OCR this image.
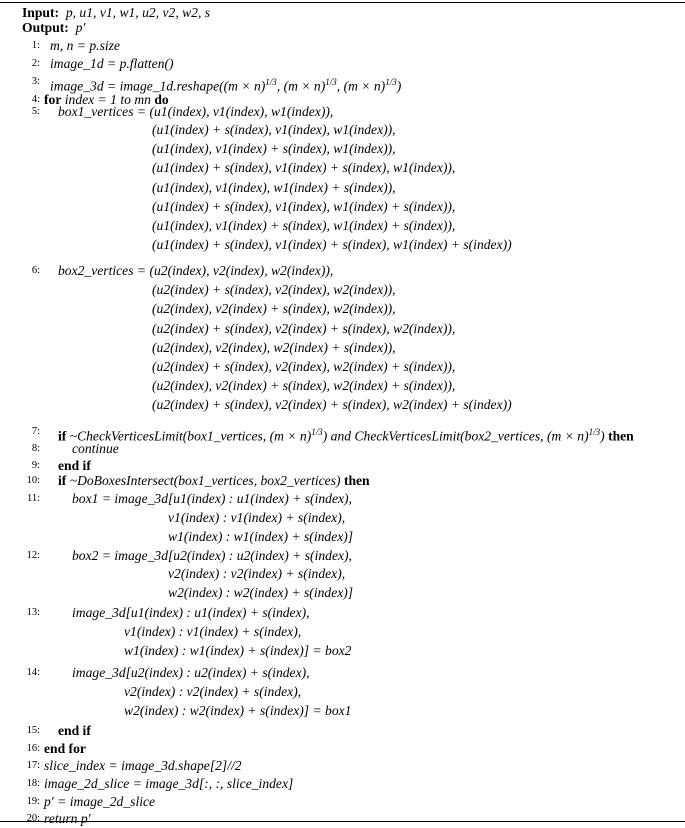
Input:  p, u1, v1, w1, u2, v2, w2, s
Output:  p′
1: m, n = p.size
2: image_1d = p.flatten()
3: image_3d = image_1d.reshape((m × n)$^{1/3}$, $(m \times n)^{1/3}$, $(m \times n)^{1/3}$)
4: for index = 1 to mn do
5: box1_vertices = (u1(index), v1(index), w1(index)),
(u1(index) + s(index), v1(index), w1(index)),
(u1(index), v1(index) + s(index), w1(index)),
(u1(index) + s(index), v1(index) + s(index), w1(index)),
(u1(index), v1(index), w1(index) + s(index)),
(u1(index) + s(index), v1(index), w1(index) + s(index)),
(u1(index), v1(index) + s(index), w1(index) + s(index)),
(u1(index) + s(index), v1(index) + s(index), w1(index) + s(index))
6: box2_vertices = (u2(index), v2(index), w2(index)),
(u2(index) + s(index), v2(index), w2(index)),
(u2(index), v2(index) + s(index), w2(index)),
(u2(index) + s(index), v2(index) + s(index), w2(index)),
(u2(index), v2(index), w2(index) + s(index)),
(u2(index) + s(index), v2(index), w2(index) + s(index)),
(u2(index), v2(index) + s(index), w2(index) + s(index)),
(u2(index) + s(index), v2(index) + s(index), w2(index) + s(index))
7: if ~CheckVerticesLimit(box1_vertices, $(m \times n)^{1/3}$) and CheckVerticesLimit(box2_vertices, $(m \times n)^{1/3}$) then
8: continue
9: end if
10: if ~DoBoxesIntersect(box1_vertices, box2_vertices) then
11: box1 = image_3d[u1(index) : u1(index) + s(index),
v1(index) : v1(index) + s(index),
w1(index) : w1(index) + s(index)]
12: box2 = image_3d[u2(index) : u2(index) + s(index),
v2(index) : v2(index) + s(index),
w2(index) : w2(index) + s(index)]
13: image_3d[u1(index) : u1(index) + s(index),
v1(index) : v1(index) + s(index),
w1(index) : w1(index) + s(index)] = box2
14: image_3d[u2(index) : u2(index) + s(index),
v2(index) : v2(index) + s(index),
w2(index) : w2(index) + s(index)] = box1
15: end if
16: end for
17: slice_index = image_3d.shape[2]//2
18: image_2d_slice = image_3d[:, :, slice_index]
19: p′ = image_2d_slice
20: return p′
